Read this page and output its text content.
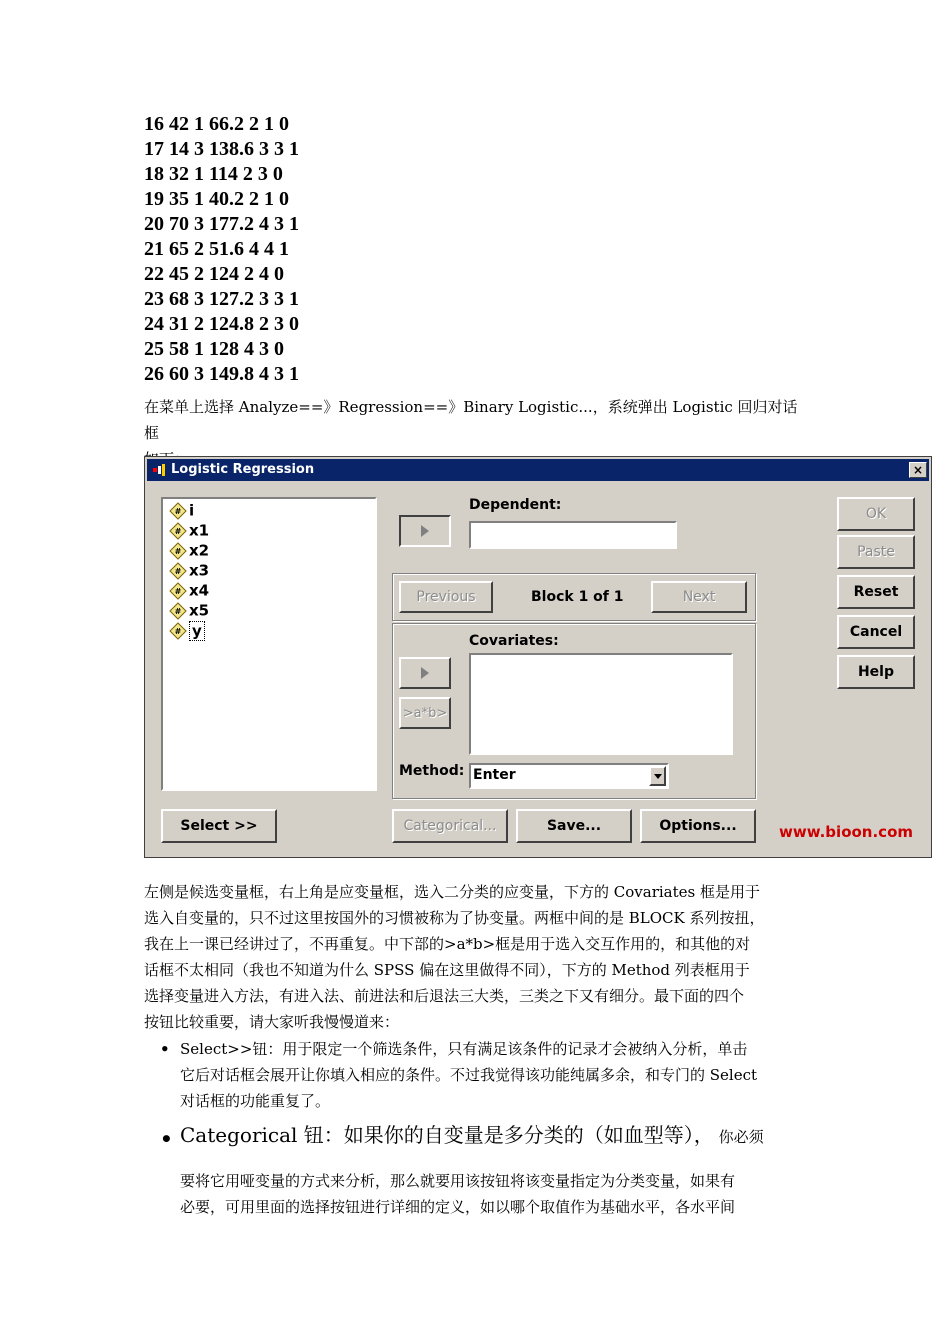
16 42 1 66.2 2 1 0
17 14 3 138.6 3 3 1
18 32 1 114 2 3 0
19 35 1 40.2 2 1 0
20 70 3 177.2 4 3 1
21 65 2 51.6 4 4 1
22 45 2 124 2 4 0
23 68 3 127.2 3 3 1
24 31 2 124.8 2 3 0
25 58 1 128 4 3 0
26 60 3 149.8 4 3 1
在菜单上选择 Analyze==》Regression==》Binary Logistic...，系统弹出 Logistic 回归对话框
Logistic Regression	×
# i
# x1
# x2
# x3
# x4
# x5
# y
Dependent:
Previous	Block 1 of 1	Next
Covariates:
>a*b>
Method: Enter
OK
Paste
Reset
Cancel
Help
Select >>	Categorical...	Save...	Options...	www.bioon.com
左侧是候选变量框，右上角是应变量框，选入二分类的应变量，下方的 Covariates 框是用于
选入自变量的，只不过这里按国外的习惯被称为了协变量。两框中间的是 BLOCK 系列按扭，
我在上一课已经讲过了，不再重复。中下部的>a*b>框是用于选入交互作用的，和其他的对
话框不太相同（我也不知道为什么 SPSS 偏在这里做得不同），下方的 Method 列表框用于
选择变量进入方法，有进入法、前进法和后退法三大类，三类之下又有细分。最下面的四个
按钮比较重要，请大家听我慢慢道来：
• Select>>钮：用于限定一个筛选条件，只有满足该条件的记录才会被纳入分析，单击
它后对话框会展开让你填入相应的条件。不过我觉得该功能纯属多余，和专门的 Select
对话框的功能重复了。
• Categorical 钮：如果你的自变量是多分类的（如血型等）， 你必须
要将它用哑变量的方式来分析，那么就要用该按钮将该变量指定为分类变量，如果有
必要，可用里面的选择按钮进行详细的定义，如以哪个取值作为基础水平，各水平间
